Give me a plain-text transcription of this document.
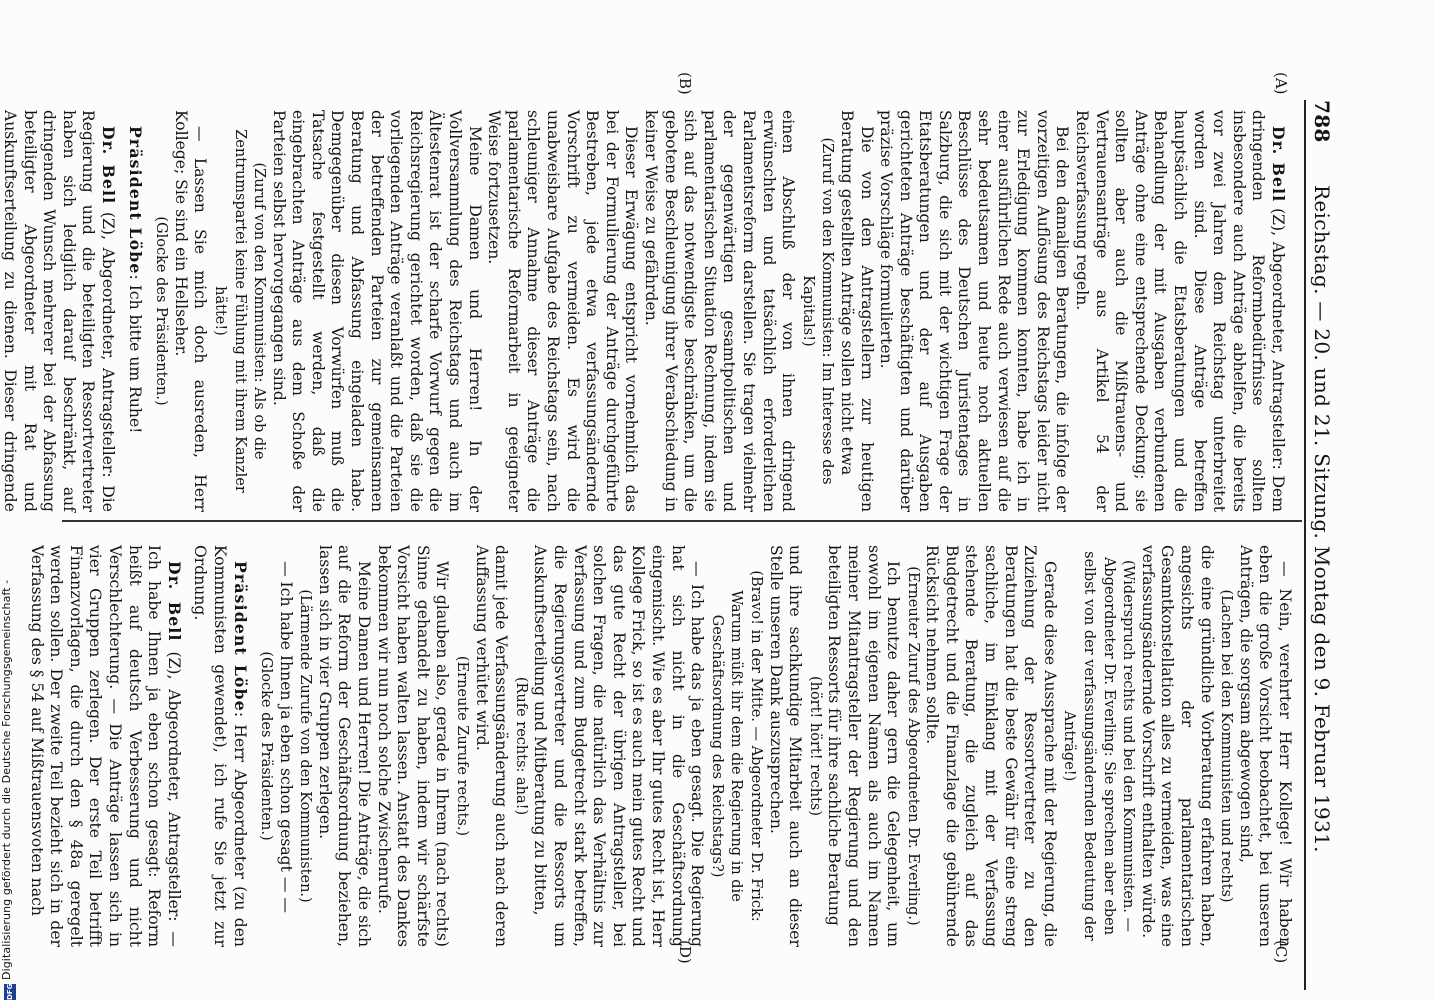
788
Reichstag. — 20. und 21. Sitzung. Montag den 9. Februar 1931.
(A)
(B)
(C)
(D)

Dr. Bell (Z), Abgeordneter, Antragsteller: Dem dringenden Reformbedürfnisse sollten insbesondere auch Anträge abhelfen, die bereits vor zwei Jahren dem Reichstag unterbreitet worden sind. Diese Anträge betreffen hauptsächlich die Etatsberatungen und die Behandlung der mit Ausgaben verbundenen Anträge ohne eine entsprechende Deckung; sie sollten aber auch die Mißtrauens- und Vertrauensanträge aus Artikel 54 der Reichsverfassung regeln.

Bei den damaligen Beratungen, die infolge der vorzeitigen Auflösung des Reichstags leider nicht zur Erledigung kommen konnten, habe ich in einer ausführlichen Rede auch verwiesen auf die sehr bedeutsamen und heute noch aktuellen Beschlüsse des Deutschen Juristentages in Salzburg, die sich mit der wichtigen Frage der Etatsberatungen und der auf Ausgaben gerichteten Anträge beschäftigten und darüber präzise Vorschläge formulierten.

Die von den Antragstellern zur heutigen Beratung gestellten Anträge sollen nicht etwa

(Zuruf von den Kommunisten: Im Interesse des Kapitals!)

einen Abschluß der von ihnen dringend erwünschten und tatsächlich erforderlichen Parlamentsreform darstellen. Sie tragen vielmehr der gegenwärtigen gesamtpolitischen und parlamentarischen Situation Rechnung, indem sie sich auf das notwendigste beschränken, um die gebotene Beschleunigung ihrer Verabschiedung in keiner Weise zu gefährden.

Dieser Erwägung entspricht vornehmlich das bei der Formulierung der Anträge durchgeführte Bestreben, jede etwa verfassungsändernde Vorschrift zu vermeiden. Es wird die unabweisbare Aufgabe des Reichstags sein, nach schleuniger Annahme dieser Anträge die parlamentarische Reformarbeit in geeigneter Weise fortzusetzen.

Meine Damen und Herren! In der Vollversammlung des Reichstags und auch im Ältestenrat ist der scharfe Vorwurf gegen die Reichsregierung gerichtet worden, daß sie die vorliegenden Anträge veranlaßt und die Parteien der betreffenden Parteien zur gemeinsamen Beratung und Abfassung eingeladen habe. Demgegenüber diesen Vorwürfen muß die Tatsache festgestellt werden, daß die eingebrachten Anträge aus dem Schoße der Parteien selbst hervorgegangen sind.

(Zuruf von den Kommunisten: Als ob die Zentrumspartei keine Fühlung mit ihrem Kanzler hätte!)

— Lassen Sie mich doch ausreden, Herr Kollege; Sie sind ein Hellseher.

(Glocke des Präsidenten.)

Präsident Löbe: Ich bitte um Ruhe!

Dr. Bell (Z), Abgeordneter, Antragsteller: Die Regierung und die beteiligten Ressortvertreter haben sich lediglich darauf beschränkt, auf dringenden Wunsch mehrerer bei der Abfassung beteiligter Abgeordneter mit Rat und Auskunftserteilung zu dienen. Dieser dringende

— Nein, verehrter Herr Kollege! Wir haben eben die große Vorsicht beobachtet, bei unseren Anträgen, die sorgsam abgewogen sind,

(Lachen bei den Kommunisten und rechts)

die eine gründliche Vorberatung erfahren haben, angesichts der parlamentarischen Gesamtkonstellation alles zu vermeiden, was eine verfassungsändernde Vorschrift enthalten würde.

(Widerspruch rechts und bei den Kommunisten. — Abgeordneter Dr. Everling: Sie sprechen aber eben selbst von der verfassungsändernden Bedeutung der Anträge!)

Gerade diese Aussprache mit der Regierung, die Zuziehung der Ressortvertreter zu den Beratungen hat die beste Gewähr für eine streng sachliche, im Einklang mit der Verfassung stehende Beratung, die zugleich auf das Budgetrecht und die Finanzlage die gebührende Rücksicht nehmen sollte.

(Erneuter Zuruf des Abgeordneten Dr. Everling.)

Ich benutze daher gern die Gelegenheit, um sowohl im eigenen Namen als auch im Namen meiner Mitantragsteller der Regierung und den beteiligten Ressorts für ihre sachliche Beratung

(hört! hört! rechts)

und ihre sachkundige Mitarbeit auch an dieser Stelle unseren Dank auszusprechen.

(Bravo! in der Mitte. — Abgeordneter Dr. Frick: Warum müßt ihr dem die Regierung in die Geschäftsordnung des Reichstags?)

— Ich habe das ja eben gesagt. Die Regierung hat sich nicht in die Geschäftsordnung eingemischt. Wie es aber Ihr gutes Recht ist, Herr Kollege Frick, so ist es auch mein gutes Recht und das gute Recht der übrigen Antragsteller, bei solchen Fragen, die natürlich das Verhältnis zur Verfassung und zum Budgetrecht stark betreffen, die Regierungsvertreter und die Ressorts um Auskunftserteilung und Mitberatung zu bitten,

(Rufe rechts: aha!)

damit jede Verfassungsänderung auch nach deren Auffassung verhütet wird.

(Erneute Zurufe rechts.)

Wir glauben also, gerade in Ihrem (nach rechts) Sinne gehandelt zu haben, indem wir schärfste Vorsicht haben walten lassen. Anstatt des Dankes bekommen wir nun noch solche Zwischenrufe.

Meine Damen und Herren! Die Anträge, die sich auf die Reform der Geschäftsordnung beziehen, lassen sich in vier Gruppen zerlegen.

(Lärmende Zurufe von den Kommunisten.)

— Ich habe Ihnen ja eben schon gesagt — —

(Glocke des Präsidenten.)

Präsident Löbe: Herr Abgeordneter (zu den Kommunisten gewendet), ich rufe Sie jetzt zur Ordnung.

Dr. Bell (Z), Abgeordneter, Antragsteller: — Ich habe Ihnen ja eben schon gesagt: Reform heißt auf deutsch Verbesserung und nicht Verschlechterung. — Die Anträge lassen sich in vier Gruppen zerlegen. Der erste Teil betrifft Finanzvorlagen, die durch den § 48a geregelt werden sollen. Der zweite Teil bezieht sich in der Verfassung des § 54 auf Mißtrauensvoten nach

DFG
Digitalisierung gefördert durch die Deutsche Forschungsgemeinschaft -
